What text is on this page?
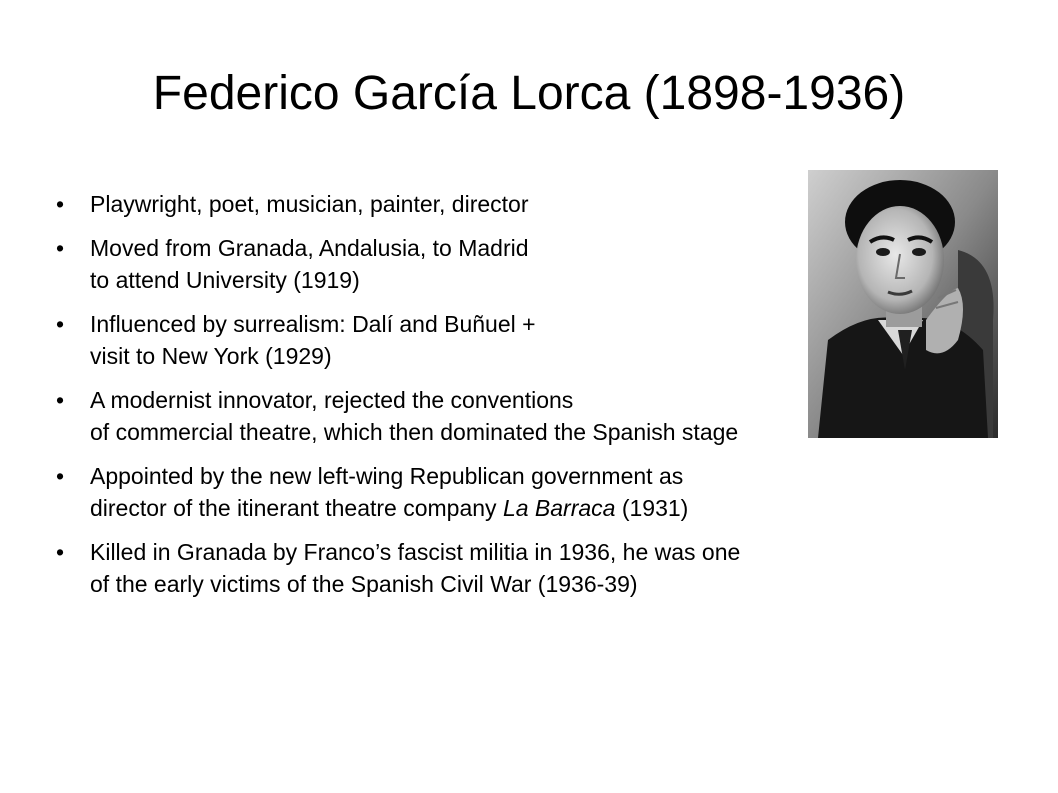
Federico García Lorca (1898-1936)
• Playwright, poet, musician, painter, director
• Moved from Granada, Andalusia, to Madrid
to attend University (1919)
• Influenced by surrealism: Dalí and Buñuel +
visit to New York (1929)
• A modernist innovator, rejected the conventions
of commercial theatre, which then dominated the Spanish stage
• Appointed by the new left-wing Republican government as
director of the itinerant theatre company La Barraca (1931)
• Killed in Granada by Franco’s fascist militia in 1936, he was one
of the early victims of the Spanish Civil War (1936-39)
